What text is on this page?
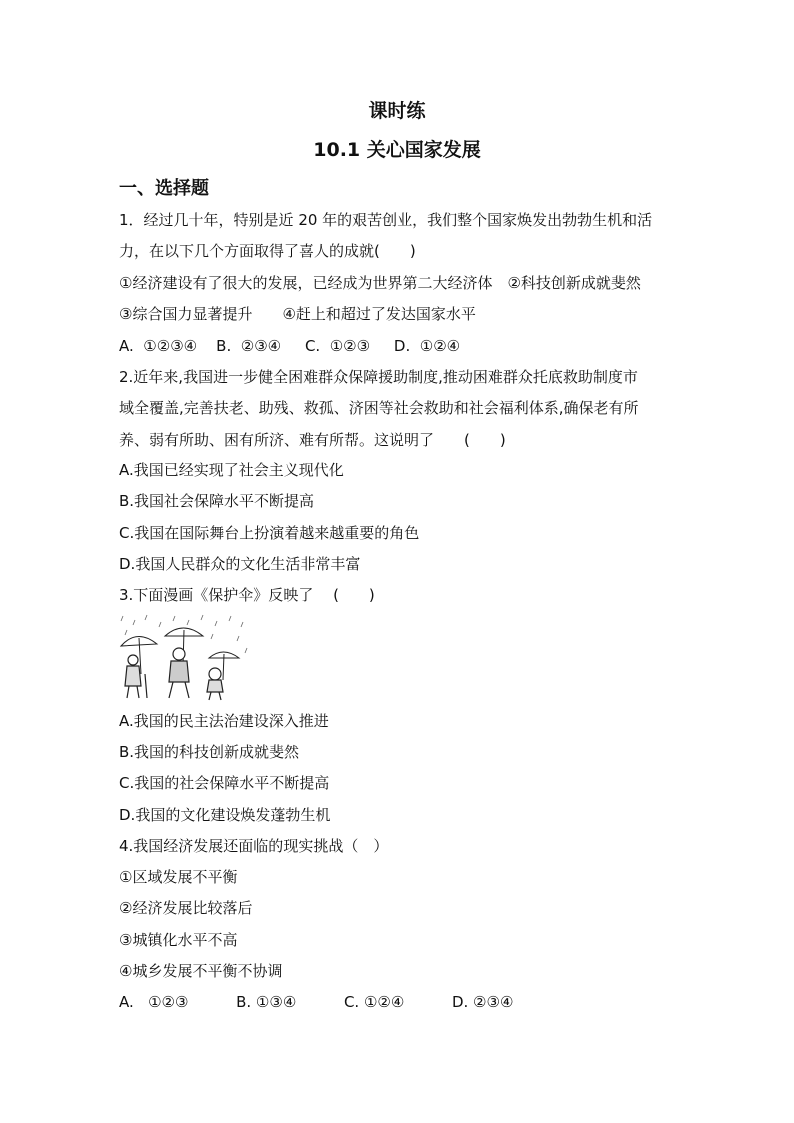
课时练
10.1 关心国家发展
一、选择题
1．经过几十年，特别是近 20 年的艰苦创业，我们整个国家焕发出勃勃生机和活
力，在以下几个方面取得了喜人的成就(　　)
①经济建设有了很大的发展，已经成为世界第二大经济体　②科技创新成就斐然
③综合国力显著提升　　④赶上和超过了发达国家水平
A.  ①②③④    B.  ②③④     C.  ①②③     D.  ①②④
2.近年来,我国进一步健全困难群众保障援助制度,推动困难群众托底救助制度市
域全覆盖,完善扶老、助残、救孤、济困等社会救助和社会福利体系,确保老有所
养、弱有所助、困有所济、难有所帮。这说明了　　(　　)
A.我国已经实现了社会主义现代化
B.我国社会保障水平不断提高
C.我国在国际舞台上扮演着越来越重要的角色
D.我国人民群众的文化生活非常丰富
3.下面漫画《保护伞》反映了　 (　　)
A.我国的民主法治建设深入推进
B.我国的科技创新成就斐然
C.我国的社会保障水平不断提高
D.我国的文化建设焕发蓬勃生机
4.我国经济发展还面临的现实挑战（　）
①区域发展不平衡
②经济发展比较落后
③城镇化水平不高
④城乡发展不平衡不协调
A.   ①②③          B. ①③④          C. ①②④          D. ②③④
